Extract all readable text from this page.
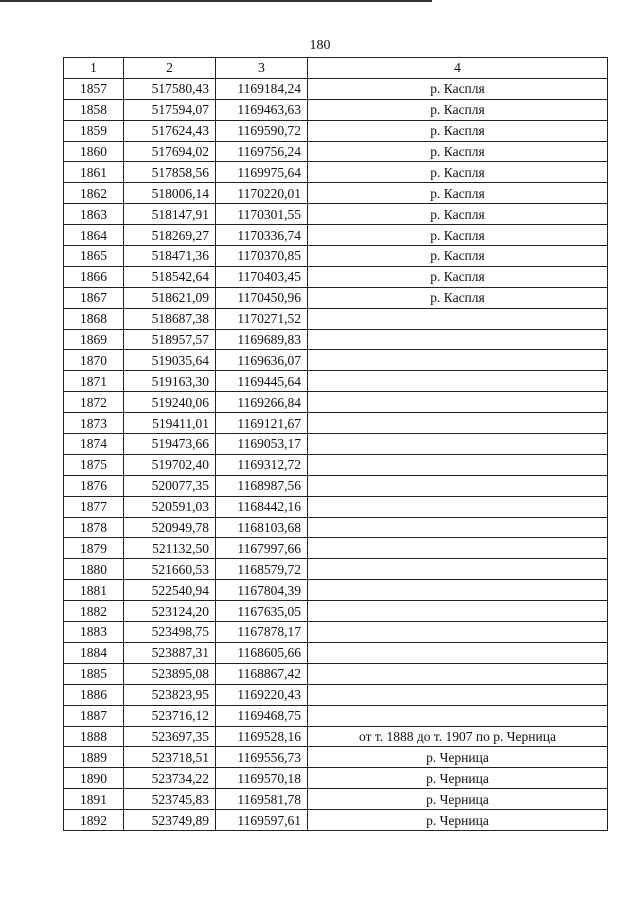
180
1	2	3	4
1857	517580,43	1169184,24	р. Каспля
1858	517594,07	1169463,63	р. Каспля
1859	517624,43	1169590,72	р. Каспля
1860	517694,02	1169756,24	р. Каспля
1861	517858,56	1169975,64	р. Каспля
1862	518006,14	1170220,01	р. Каспля
1863	518147,91	1170301,55	р. Каспля
1864	518269,27	1170336,74	р. Каспля
1865	518471,36	1170370,85	р. Каспля
1866	518542,64	1170403,45	р. Каспля
1867	518621,09	1170450,96	р. Каспля
1868	518687,38	1170271,52	
1869	518957,57	1169689,83	
1870	519035,64	1169636,07	
1871	519163,30	1169445,64	
1872	519240,06	1169266,84	
1873	519411,01	1169121,67	
1874	519473,66	1169053,17	
1875	519702,40	1169312,72	
1876	520077,35	1168987,56	
1877	520591,03	1168442,16	
1878	520949,78	1168103,68	
1879	521132,50	1167997,66	
1880	521660,53	1168579,72	
1881	522540,94	1167804,39	
1882	523124,20	1167635,05	
1883	523498,75	1167878,17	
1884	523887,31	1168605,66	
1885	523895,08	1168867,42	
1886	523823,95	1169220,43	
1887	523716,12	1169468,75	
1888	523697,35	1169528,16	от т. 1888 до т. 1907 по р. Черница
1889	523718,51	1169556,73	р. Черница
1890	523734,22	1169570,18	р. Черница
1891	523745,83	1169581,78	р. Черница
1892	523749,89	1169597,61	р. Черница
